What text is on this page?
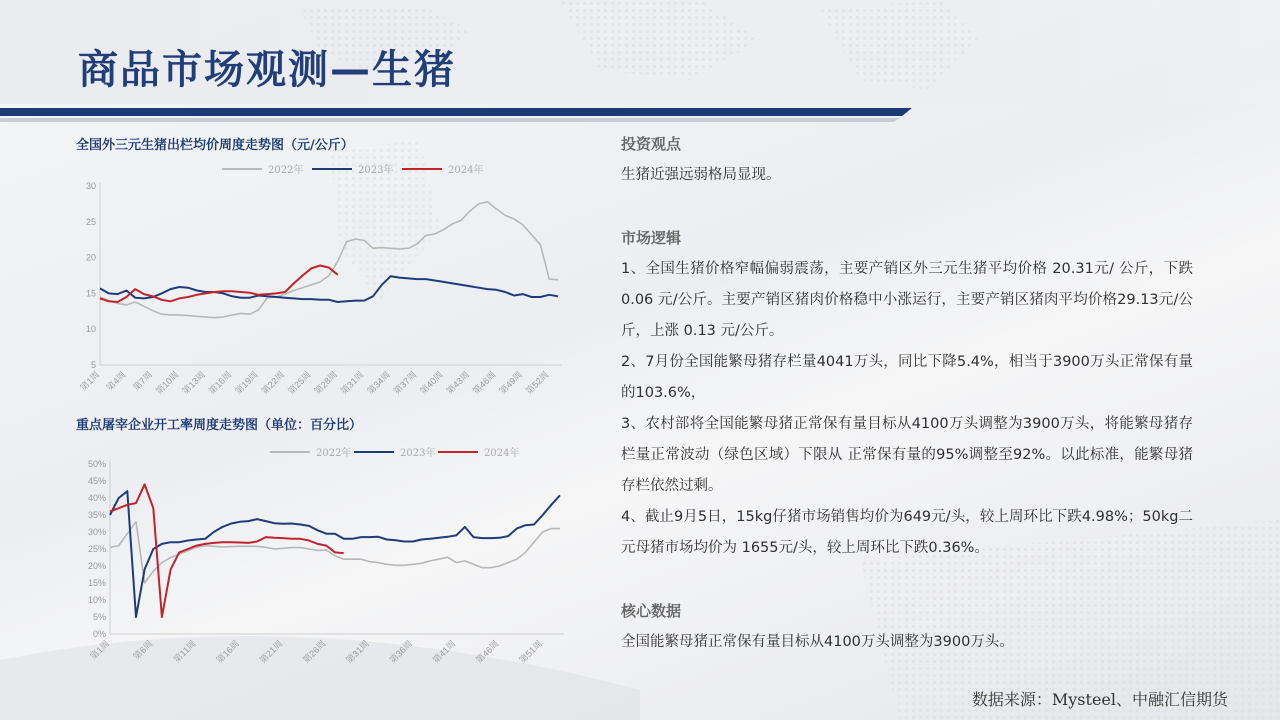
商品市场观测—生猪
全国外三元生猪出栏均价周度走势图（元/公斤）
5
10
15
20
25
30
第1周 第4周 第7周 第10周 第13周 第16周 第19周 第22周 第25周 第28周 第31周 第34周 第37周 第40周 第43周 第46周 第49周 第52周
2022年	2023年	2024年
重点屠宰企业开工率周度走势图（单位：百分比）
0%
5%
10%
15%
20%
25%
30%
35%
40%
45%
50%
第1周 第6周 第11周 第16周 第21周 第26周 第31周 第36周 第41周 第46周 第51周
2022年	2023年	2024年
投资观点

生猪近强远弱格局显现。

市场逻辑

1、全国生猪价格窄幅偏弱震荡，主要产销区外三元生猪平均价格 20.31元/ 公斤，下跌 0.06 元/公斤。主要产销区猪肉价格稳中小涨运行，主要产销区猪肉平均价格29.13元/公 斤，上涨 0.13 元/公斤。

2、7月份全国能繁母猪存栏量4041万头，同比下降5.4%，相当于3900万头正常保有量的103.6%，

3、农村部将全国能繁母猪正常保有量目标从4100万头调整为3900万头，将能繁母猪存栏量正常波动（绿色区域）下限从 正常保有量的95%调整至92%。以此标准，能繁母猪存栏依然过剩。

4、截止9月5日，15kg仔猪市场销售均价为649元/头，较上周环比下跌4.98%；50kg二元母猪市场均价为 1655元/头，较上周环比下跌0.36%。

核心数据

全国能繁母猪正常保有量目标从4100万头调整为3900万头。

数据来源：Mysteel、中融汇信期货
